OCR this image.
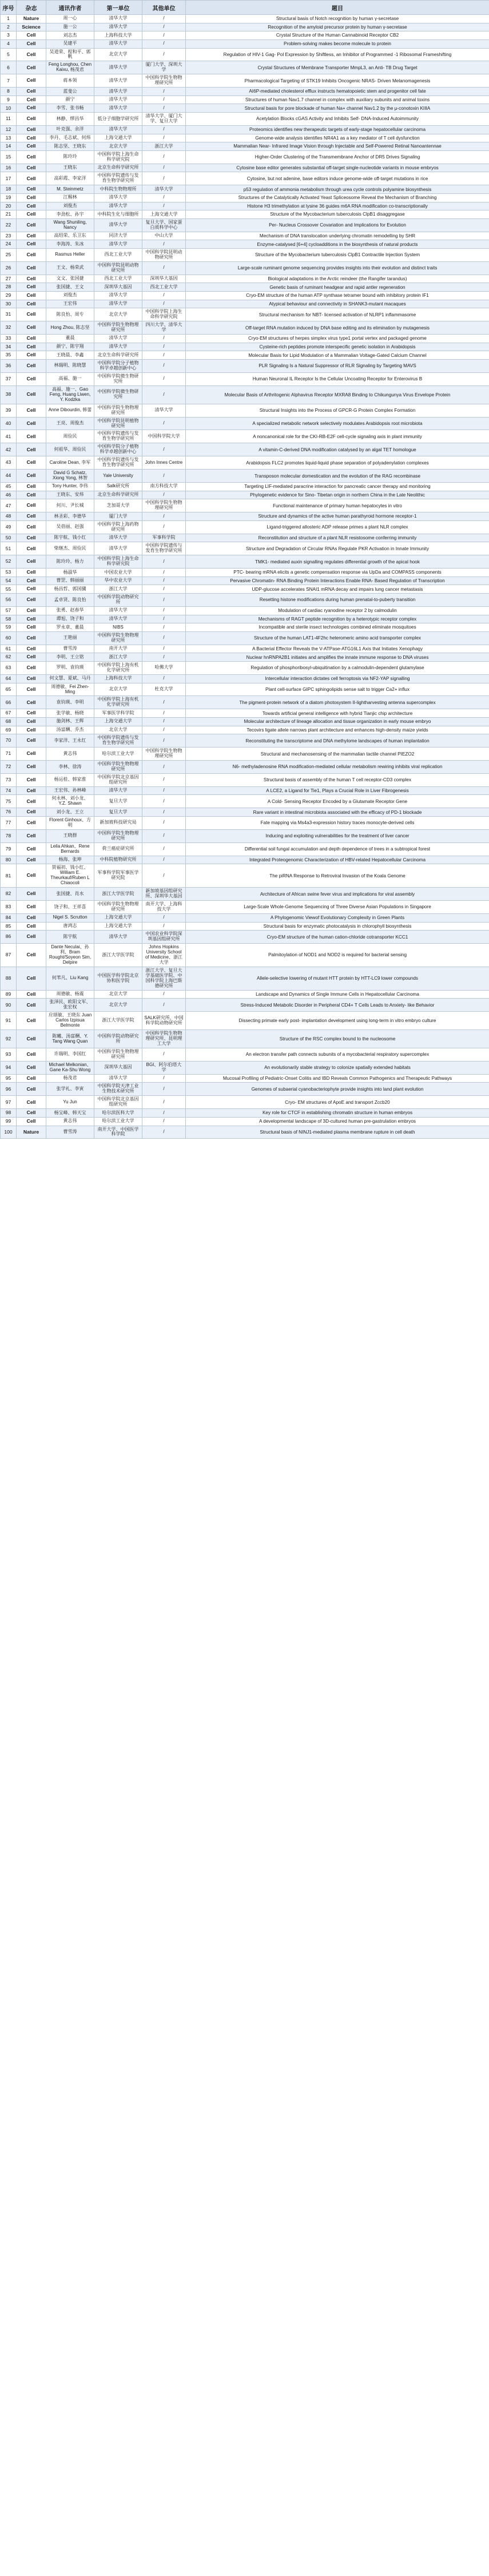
序号	杂志	通讯作者	第一单位	其他单位	题目
1	Nature	周一心	清华大学	/	Structural basis of Notch recognition by human γ-secretase
2	Science	施一公	清华大学	/	Recognition of the amyloid precursor protein by human γ-secretase
3	Cell	刘志杰	上海科技大学	/	Crystal Structure of the Human Cannabinoid Receptor CB2
4	Cell	吴建平	清华大学	/	Problem-solving makes become molecule to protein
5	Cell	吴道荣、程和平、郭帆	北京大学	/	Regulation of HIV-1 Gag- Pol Expression by Shiftless, an Inhibitor of Programmed -1 Ribosomal Frameshifting
6	Cell	Feng Longhou, Chen Kaixu, 杨茂君	清华大学	厦门大学、深圳大学	Crystal Structures of Membrane Transporter MmpL3, an Anti- TB Drug Target
7	Cell	蒋本领	清华大学	中国科学院生物物理研究所	Pharmacological Targeting of STK19 Inhibits Oncogenic NRAS- Driven Melanomagenesis
8	Cell	蓝斐公	清华大学	/	AI6P-mediated cholesterol efflux instructs hematopoietic stem and progenitor cell fate
9	Cell	颜宁	清华大学	/	Structures of human Nav1.7 channel in complex with auxiliary subunits and animal toxins
10	Cell	李雪、张书畅	清华大学	/	Structural basis for pore blockade of human Na+ channel Nav1.2 by the μ-conotoxin KIIIA
11	Cell	林静、缪昌华	低分子细胞学研究所	清华大学、厦门大学、复旦大学	Acetylation Blocks cGAS Activity and Inhibits Self- DNA-Induced Autoimmunity
12	Cell	叶克强、余洋	清华大学	/	Proteomics identifies new therapeutic targets of early-stage hepatocellular carcinoma
13	Cell	李丹、毛志斌、何炜	上海交通大学	/	Genome-wide analysis identifies NR4A1 as a key mediator of T cell dysfunction
14	Cell	陈志坚、王晓东	北京大学	浙江大学	Mammalian Near- Infrared Image Vision through Injectable and Self-Powered Retinal Nanoantennae
15	Cell	陈玲玲	中国科学院上海生命科学研究院	/	Higher-Order Clustering of the Transmembrane Anchor of DR5 Drives Signaling
16	Cell	王晓东	北京生命科学研究所	/	Cytosine base editor generates substantial off-target single-nucleotide variants in mouse embryos
17	Cell	高彩霞、李家洋	中国科学院遗传与发育生物学研究所	/	Cytosine, but not adenine, base editors induce genome-wide off-target mutations in rice
18	Cell	M. Steinmetz	中科院生物物理所	清华大学	p53 regulation of ammonia metabolism through urea cycle controls polyamine biosynthesis
19	Cell	江赐林	清华大学	/	Structures of the Catalytically Activated Yeast Spliceosome Reveal the Mechanism of Branching
20	Cell	刘俊杰	清华大学	/	Histone H3 trimethylation at lysine 36 guides m6A RNA modification co-transcriptionally
21	Cell	李劲松、孙宇	中科院生化与细胞所	上海交通大学	Structure of the Mycobacterium tuberculosis ClpB1 disaggregase
22	Cell	Wang Shuniling, Nancy	清华大学	复旦大学、国家蛋白质科学中心	Per- Nucleus Crossover Covariation and Implications for Evolution
23	Cell	高绍荣、乐卫东	同济大学	中山大学	Mechanism of DNA translocation underlying chromatin remodelling by SHR
24	Cell	李海涛、朱冰	清华大学	/	Enzyme-catalysed [6+4] cycloadditions in the biosynthesis of natural products
25	Cell	Rasmus Heller	西北工业大学	中国科学院昆明动物研究所	Structure of the Mycobacterium tuberculosis ClpB1 Contractile Injection System
26	Cell	王文、杨荣武	中国科学院昆明动物研究所	/	Large-scale ruminant genome sequencing provides insights into their evolution and distinct traits
27	Cell	文文、张国捷	西北工业大学	深圳华大基因	Biological adaptations in the Arctic reindeer (the Rangifer tarandus)
28	Cell	张国捷、王文	深圳华大基因	西北工业大学	Genetic basis of ruminant headgear and rapid antler regeneration
29	Cell	刘俊杰	清华大学	/	Cryo-EM structure of the human ATP synthase tetramer bound with inhibitory protein IF1
30	Cell	王宏伟	清华大学	/	Atypical behaviour and connectivity in SHANK3-mutant macaques
31	Cell	陈良怡、周专	北京大学	中国科学院上海生命科学研究院	Structural mechanism for NBT- licensed activation of NLRP1 inflammasome
32	Cell	Hong Zhou, 陈志坚	中国科学院生物物理研究所	四川大学、清华大学	Off-target RNA mutation induced by DNA base editing and its elimination by mutagenesis
33	Cell	董晨	清华大学	/	Cryo-EM structures of herpes simplex virus type1 portal vertex and packaged genome
34	Cell	颜宁、陈宇翔	清华大学	/	Cysteine-rich peptides promote interspecific genetic isolation in Arabidopsis
35	Cell	王晓晨、李鑫	北京生命科学研究所	/	Molecular Basis for Lipid Modulation of a Mammalian Voltage-Gated Calcium Channel
36	Cell	林瑞明、陈晓慧	中国科学院分子植物科学卓越创新中心	/	PLR Signaling Is a Natural Suppressor of RLR Signaling by Targeting MAVS
37	Cell	高福、施一	中国科学院微生物研究所	/	Human Neuronal IL Receptor Is the Cellular Uncoating Receptor for Enterovirus B
38	Cell	高福、施一、Gao Feng, Huang Liwen, Y. Kodzka	中国科学院微生物研究所	/	Molecular Basis of Arthritogenic Alphavirus Receptor MXRA8 Binding to Chikungunya Virus Envelope Protein
39	Cell	Anne Dibourdin, 韩蕾	中国科学院生物物理研究所	清华大学	Structural Insights into the Process of GPCR-G Protein Complex Formation
40	Cell	王亮、周俊杰	中国科学院昆明植物研究所	/	A specialized metabolic network selectively modulates Arabidopsis root microbiota
41	Cell	周俭民	中国科学院遗传与发育生物学研究所	中国科学院大学	A noncanonical role for the CKI-RB-E2F cell-cycle signaling axis in plant immunity
42	Cell	何祖华、周俭民	中国科学院分子植物科学卓越创新中心	/	A vitamin-C-derived DNA modification catalysed by an algal TET homologue
43	Cell	Caroline Dean, 李军	中国科学院遗传与发育生物学研究所	John Innes Centre	Arabidopsis FLC2 promotes liquid-liquid phase separation of polyadenylation complexes
44	Cell	David G Schatz, Xiong Yong, 林智	Yale University	/	Transposon molecular domestication and the evolution of the RAG recombinase
45	Cell	Tony Hunter, 李伟	Salk研究所	南方科技大学	Targeting LIF-mediated paracrine interaction for pancreatic cancer therapy and monitoring
46	Cell	王晓东、安炜	北京生命科学研究所	/	Phylogenetic evidence for Sino- Tibetan origin in northern China in the Late Neolithic
47	Cell	何川、尹长城	芝加哥大学	中国科学院生物物理研究所	Functional maintenance of primary human hepatocytes in vitro
48	Cell	林圣彩、李德华	厦门大学	/	Structure and dynamics of the active human parathyroid hormone receptor-1
49	Cell	吴蓓丽、赵强	中国科学院上海药物研究所	/	Ligand-triggered allosteric ADP release primes a plant NLR complex
50	Cell	陈宇航、钱小红	清华大学	军事科学院	Reconstitution and structure of a plant NLR resistosome conferring immunity
51	Cell	柴继杰、周俭民	清华大学	中国科学院遗传与发育生物学研究所	Structure and Degradation of Circular RNAs Regulate PKR Activation in Innate Immunity
52	Cell	陈玲玲、杨力	中国科学院上海生命科学研究院	/	TMK1- mediated auxin signalling regulates differential growth of the apical hook
53	Cell	杨淑华	中国农业大学	/	PTC- bearing mRNA elicits a genetic compensation response via UpDa and COMPASS components
54	Cell	曹罡、韩丽丽	华中农业大学	/	Pervasive Chromatin- RNA Binding Protein Interactions Enable RNA- Based Regulation of Transcription
55	Cell	杨昌哲、郭国骥	浙江大学	/	UDP-glucose accelerates SNAI1 mRNA decay and impairs lung cancer metastasis
56	Cell	孟卓贤、陈良怡	中国科学院动物研究所	/	Resetting histone modifications during human prenatal-to-puberty transition
57	Cell	张勇、赵春华	清华大学	/	Modulation of cardiac ryanodine receptor 2 by calmodulin
58	Cell	谭旭、饶子和	清华大学	/	Mechanisms of RAGT peptide recognition by a heterotypic receptor complex
59	Cell	罗永章、董晨	NIBS	/	Incompatible and sterile insect technologies combined eliminate mosquitoes
60	Cell	王艳丽	中国科学院生物物理研究所	/	Structure of the human LAT1-4F2hc heteromeric amino acid transporter complex
61	Cell	曹雪涛	南开大学	/	A Bacterial Effector Reveals the V-ATPase-ATG16L1 Axis that Initiates Xenophagy
62	Cell	李明、王立铭	浙江大学	/	Nuclear hnRNPA2B1 initiates and amplifies the innate immune response to DNA viruses
63	Cell	罗明、袁钧瑛	中国科学院上海有机化学研究所	哈佛大学	Regulation of phosphoribosyl-ubiquitination by a calmodulin-dependent glutamylase
64	Cell	何文慧、夏斌、马丹	上海科技大学	/	Intercellular interaction dictates cell ferroptosis via NF2-YAP signalling
65	Cell	周德敏、Fei Zhen-Ming	北京大学	杜克大学	Plant cell-surface GIPC sphingolipids sense salt to trigger Ca2+ influx
66	Cell	袁钧瑛、李明	中国科学院上海有机化学研究所	/	The pigment-protein network of a diatom photosystem II-lightharvesting antenna supercomplex
67	Cell	张学敏、杨晓	军事医学科学院	/	Towards artificial general intelligence with hybrid Tianjic chip architecture
68	Cell	施剑林、王辉	上海交通大学	/	Molecular architecture of lineage allocation and tissue organization in early mouse embryo
69	Cell	汤富酬、乔杰	北京大学	/	Tecovirs ligate allele narrows plant architecture and enhances high-density maize yields
70	Cell	李家洋、王永红	中国科学院遗传与发育生物学研究所	/	Reconstituting the transcriptome and DNA methylome landscapes of human implantation
71	Cell	黄志伟	哈尔滨工业大学	中国科学院生物物理研究所	Structural and mechanosensing of the mammalian tactile channel PIEZO2
72	Cell	李林、徐涛	中国科学院生物物理研究所	/	N6- methyladenosine RNA modification-mediated cellular metabolism rewiring inhibits viral replication
73	Cell	杨运桂、韩家淮	中国科学院北京基因组研究所	/	Structural basis of assembly of the human T cell receptor-CD3 complex
74	Cell	王宏伟、孙林峰	清华大学	/	A LCE2, a Ligand for Tie1, Plays a Crucial Role in Liver Fibrogenesis
75	Cell	何永林、刘小龙、Y.Z. Shawn	复旦大学	/	A Cold- Sensing Receptor Encoded by a Glutamate Receptor Gene
76	Cell	刘小龙、王立	复旦大学	/	Rare variant in intestinal microbiota associated with the efficacy of PD-1 blockade
77	Cell	Florent Ginhoux、方明	新加坡科技研究局	/	Fate mapping via Ms4a3-expression history traces monocyte-derived cells
78	Cell	王晓群	中国科学院生物物理研究所	/	Inducing and exploiting vulnerabilities for the treatment of liver cancer
79	Cell	Leila Ahkan、Rene Bernards	荷兰癌症研究所	/	Differential soil fungal accumulation and depth dependence of trees in a subtropical forest
80	Cell	杨海、张坤	中科院植物研究所	/	Integrated Proteogenomic Characterization of HBV-related Hepatocellular Carcinoma
81	Cell	贺福初、钱小红、William E. Theurkauf/Ruben L Chiaocoli	军事科学院军事医学研究院	/	The piRNA Response to Retroviral Invasion of the Koala Genome
82	Cell	张国捷、肖水	浙江大学医学院	新加坡基因组研究所、深圳华大基因	Architecture of African swine fever virus and implications for viral assembly
83	Cell	饶子和、王祥喜	中国科学院生物物理研究所	南开大学、上海科技大学	Large-Scale Whole-Genome Sequencing of Three Diverse Asian Populations in Singapore
84	Cell	Nigel S. Scrutton	上海交通大学	/	A Phylogenomic Viewof Evolutionary Complexity in Green Plants
85	Cell	唐鸿志	上海交通大学	/	Structural basis for enzymatic photocatalysis in chlorophyll biosynthesis
86	Cell	陈宇航	清华大学	中国农业科学院深圳基因组研究所	Cryo-EM structure of the human cation-chloride cotransporter KCC1
87	Cell	Dante Neculai、孙利、Bram Rought/Soyeon Sim, Delpire	浙江大学医学院	Johns Hopkins University School of Medicine、浙江大学	Palmitoylation of NOD1 and NOD2 is required for bacterial sensing
88	Cell	何苇凡、Liu Kang	中国医学科学院北京协和医学院	浙江大学、复旦大学基础医学院、中国科学院上海巴斯德研究所	Allele-selective lowering of mutant HTT protein by HTT-LC9 lower compounds
89	Cell	周德敏、杨震	北京大学	/	Landscape and Dynamics of Single Immune Cells in Hepatocellular Carcinoma
90	Cell	张泽民、欧阳文军、张宏权	北京大学	/	Stress-Induced Metabolic Disorder in Peripheral CD4+ T Cells Leads to Anxiety- like Behavior
91	Cell	应颂敏、王晓东 Juan Carlos Izpisua Belmonte	浙江大学医学院	SALK研究所、中国科学院动物研究所	Dissecting primate early post- implantation development using long-term in vitro embryo culture
92	Cell	陈曦、汤富酬、Y. Tang Wang Quan	中国科学院动物研究所	中国科学院生物物理研究所、昆明理工大学	Structure of the RSC complex bound to the nucleosome
93	Cell	许瑞明、李国红	中国科学院生物物理研究所	/	An electron transfer path connects subunits of a mycobacterial respiratory supercomplex
94	Cell	Michael Melkonian、Gane Ka-Shu Wong	深圳华大基因	BGI、阿尔伯塔大学	An evolutionarily stable strategy to colonize spatially extended habitats
95	Cell	杨茂君	清华大学	/	Mucosal Profiling of Pediatric-Onset Colitis and IBD Reveals Common Pathogenics and Therapeutic Pathways
96	Cell	张学礼、李寅	中国科学院天津工业生物技术研究所	/	Genomes of subaerial cyanobacteriophyte provide insights into land plant evolution
97	Cell	Yu Jun	中国科学院北京基因组研究所	/	Cryo- EM structures of ApoE and transport Zccb20
98	Cell	杨宝峰、韩天宝	哈尔滨医科大学	/	Key role for CTCF in establishing chromatin structure in human embryos
99	Cell	黄志伟	哈尔滨工业大学	/	A developmental landscape of 3D-cultured human pre-gastrulation embryos
100	Nature	曹雪涛	南开大学、中国医学科学院	/	Structural basis of NINJ1-mediated plasma membrane rupture in cell death
